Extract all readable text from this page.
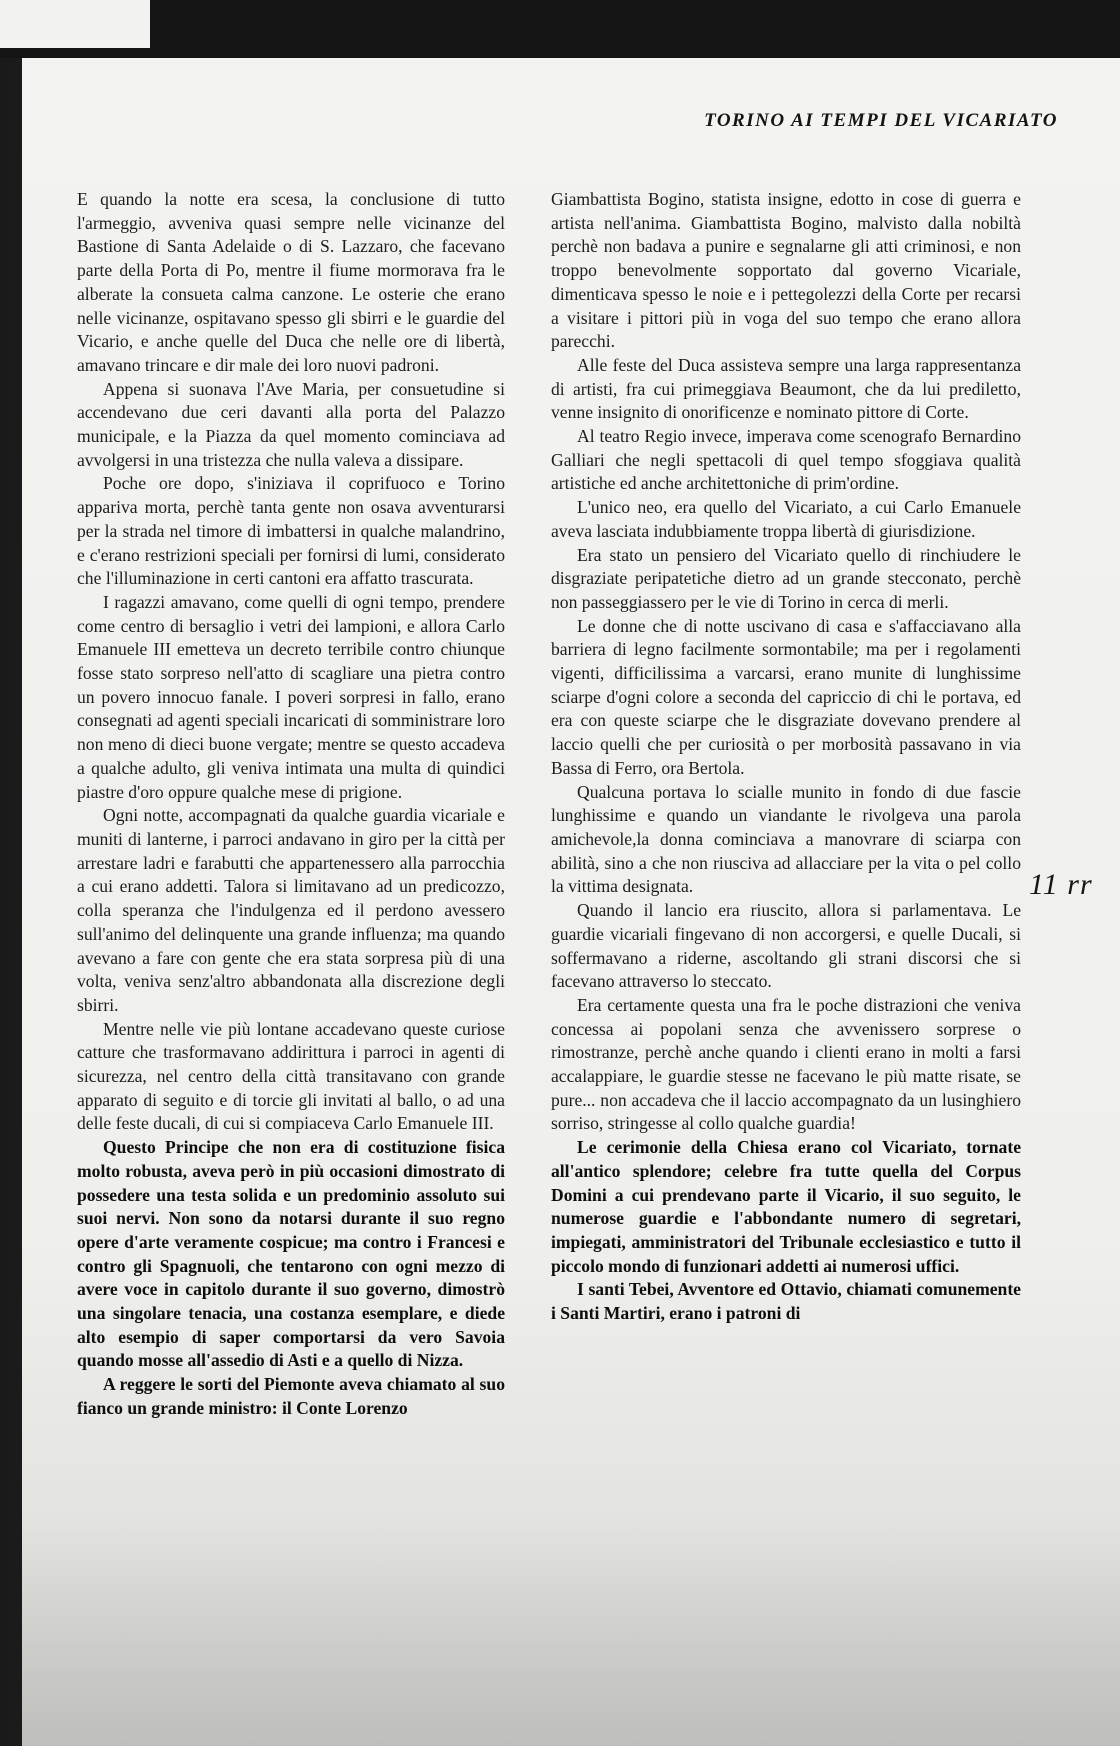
TORINO AI TEMPI DEL VICARIATO

E quando la notte era scesa, la conclusione di tutto l'armeggio, avveniva quasi sempre nelle vicinanze del Bastione di Santa Adelaide o di S. Lazzaro, che facevano parte della Porta di Po, mentre il fiume mormorava fra le alberate la consueta calma canzone. Le osterie che erano nelle vicinanze, ospitavano spesso gli sbirri e le guardie del Vicario, e anche quelle del Duca che nelle ore di libertà, amavano trincare e dir male dei loro nuovi padroni.

Appena si suonava l'Ave Maria, per consuetudine si accendevano due ceri davanti alla porta del Palazzo municipale, e la Piazza da quel momento cominciava ad avvolgersi in una tristezza che nulla valeva a dissipare.

Poche ore dopo, s'iniziava il coprifuoco e Torino appariva morta, perchè tanta gente non osava avventurarsi per la strada nel timore di imbattersi in qualche malandrino, e c'erano restrizioni speciali per fornirsi di lumi, considerato che l'illuminazione in certi cantoni era affatto trascurata.

I ragazzi amavano, come quelli di ogni tempo, prendere come centro di bersaglio i vetri dei lampioni, e allora Carlo Emanuele III emetteva un decreto terribile contro chiunque fosse stato sorpreso nell'atto di scagliare una pietra contro un povero innocuo fanale. I poveri sorpresi in fallo, erano consegnati ad agenti speciali incaricati di somministrare loro non meno di dieci buone vergate; mentre se questo accadeva a qualche adulto, gli veniva intimata una multa di quindici piastre d'oro oppure qualche mese di prigione.

Ogni notte, accompagnati da qualche guardia vicariale e muniti di lanterne, i parroci andavano in giro per la città per arrestare ladri e farabutti che appartenessero alla parrocchia a cui erano addetti. Talora si limitavano ad un predicozzo, colla speranza che l'indulgenza ed il perdono avessero sull'animo del delinquente una grande influenza; ma quando avevano a fare con gente che era stata sorpresa più di una volta, veniva senz'altro abbandonata alla discrezione degli sbirri.

Mentre nelle vie più lontane accadevano queste curiose catture che trasformavano addirittura i parroci in agenti di sicurezza, nel centro della città transitavano con grande apparato di seguito e di torcie gli invitati al ballo, o ad una delle feste ducali, di cui si compiaceva Carlo Emanuele III.

Questo Principe che non era di costituzione fisica molto robusta, aveva però in più occasioni dimostrato di possedere una testa solida e un predominio assoluto sui suoi nervi. Non sono da notarsi durante il suo regno opere d'arte veramente cospicue; ma contro i Francesi e contro gli Spagnuoli, che tentarono con ogni mezzo di avere voce in capitolo durante il suo governo, dimostrò una singolare tenacia, una costanza esemplare, e diede alto esempio di saper comportarsi da vero Savoia quando mosse all'assedio di Asti e a quello di Nizza.

A reggere le sorti del Piemonte aveva chiamato al suo fianco un grande ministro: il Conte Lorenzo

Giambattista Bogino, statista insigne, edotto in cose di guerra e artista nell'anima. Giambattista Bogino, malvisto dalla nobiltà perchè non badava a punire e segnalarne gli atti criminosi, e non troppo benevolmente sopportato dal governo Vicariale, dimenticava spesso le noie e i pettegolezzi della Corte per recarsi a visitare i pittori più in voga del suo tempo che erano allora parecchi.

Alle feste del Duca assisteva sempre una larga rappresentanza di artisti, fra cui primeggiava Beaumont, che da lui prediletto, venne insignito di onorificenze e nominato pittore di Corte.

Al teatro Regio invece, imperava come scenografo Bernardino Galliari che negli spettacoli di quel tempo sfoggiava qualità artistiche ed anche architettoniche di prim'ordine.

L'unico neo, era quello del Vicariato, a cui Carlo Emanuele aveva lasciata indubbiamente troppa libertà di giurisdizione.

Era stato un pensiero del Vicariato quello di rinchiudere le disgraziate peripatetiche dietro ad un grande stecconato, perchè non passeggiassero per le vie di Torino in cerca di merli.

Le donne che di notte uscivano di casa e s'affacciavano alla barriera di legno facilmente sormontabile; ma per i regolamenti vigenti, difficilissima a varcarsi, erano munite di lunghissime sciarpe d'ogni colore a seconda del capriccio di chi le portava, ed era con queste sciarpe che le disgraziate dovevano prendere al laccio quelli che per curiosità o per morbosità passavano in via Bassa di Ferro, ora Bertola.

Qualcuna portava lo scialle munito in fondo di due fascie lunghissime e quando un viandante le rivolgeva una parola amichevole,la donna cominciava a manovrare di sciarpa con abilità, sino a che non riusciva ad allacciare per la vita o pel collo la vittima designata.

Quando il lancio era riuscito, allora si parlamentava. Le guardie vicariali fingevano di non accorgersi, e quelle Ducali, si soffermavano a riderne, ascoltando gli strani discorsi che si facevano attraverso lo steccato.

Era certamente questa una fra le poche distrazioni che veniva concessa ai popolani senza che avvenissero sorprese o rimostranze, perchè anche quando i clienti erano in molti a farsi accalappiare, le guardie stesse ne facevano le più matte risate, se pure... non accadeva che il laccio accompagnato da un lusinghiero sorriso, stringesse al collo qualche guardia!

Le cerimonie della Chiesa erano col Vicariato, tornate all'antico splendore; celebre fra tutte quella del Corpus Domini a cui prendevano parte il Vicario, il suo seguito, le numerose guardie e l'abbondante numero di segretari, impiegati, amministratori del Tribunale ecclesiastico e tutto il piccolo mondo di funzionari addetti ai numerosi uffici.

I santi Tebei, Avventore ed Ottavio, chiamati comunemente i Santi Martiri, erano i patroni di

11 rr
